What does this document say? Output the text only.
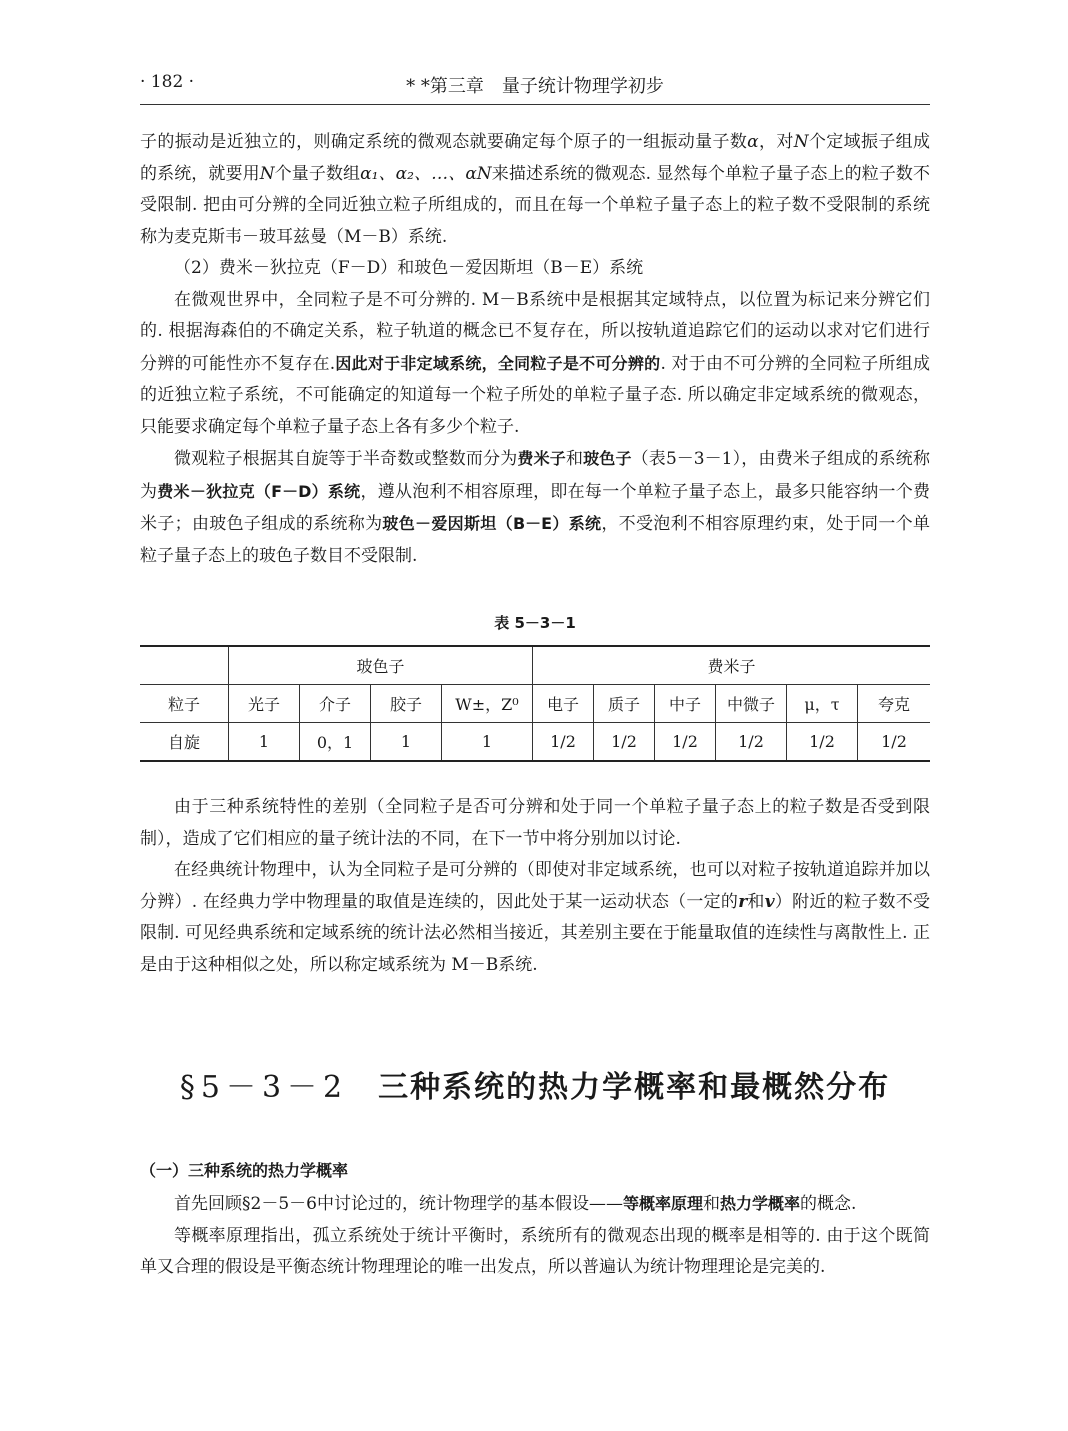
· 182 ·	* *第三章　量子统计物理学初步

子的振动是近独立的，则确定系统的微观态就要确定每个原子的一组振动量子数α，对N个定域振子组成的系统，就要用N个量子数组α₁、α₂、…、αN来描述系统的微观态. 显然每个单粒子量子态上的粒子数不受限制. 把由可分辨的全同近独立粒子所组成的，而且在每一个单粒子量子态上的粒子数不受限制的系统称为麦克斯韦－玻耳兹曼（M－B）系统.

（2）费米－狄拉克（F－D）和玻色－爱因斯坦（B－E）系统

在微观世界中，全同粒子是不可分辨的. M－B系统中是根据其定域特点，以位置为标记来分辨它们的. 根据海森伯的不确定关系，粒子轨道的概念已不复存在，所以按轨道追踪它们的运动以求对它们进行分辨的可能性亦不复存在.因此对于非定域系统，全同粒子是不可分辨的. 对于由不可分辨的全同粒子所组成的近独立粒子系统，不可能确定的知道每一个粒子所处的单粒子量子态. 所以确定非定域系统的微观态，只能要求确定每个单粒子量子态上各有多少个粒子.

微观粒子根据其自旋等于半奇数或整数而分为费米子和玻色子（表5－3－1），由费米子组成的系统称为费米－狄拉克（F－D）系统，遵从泡利不相容原理，即在每一个单粒子量子态上，最多只能容纳一个费米子；由玻色子组成的系统称为玻色－爱因斯坦（B－E）系统，不受泡利不相容原理约束，处于同一个单粒子量子态上的玻色子数目不受限制.

表 5－3－1
	玻色子				费米子					
粒子	光子	介子	胶子	W±，Z⁰	电子	质子	中子	中微子	μ，τ	夸克
自旋	1	0，1	1	1	1/2	1/2	1/2	1/2	1/2	1/2

由于三种系统特性的差别（全同粒子是否可分辨和处于同一个单粒子量子态上的粒子数是否受到限制），造成了它们相应的量子统计法的不同，在下一节中将分别加以讨论.

在经典统计物理中，认为全同粒子是可分辨的（即使对非定域系统，也可以对粒子按轨道追踪并加以分辨）. 在经典力学中物理量的取值是连续的，因此处于某一运动状态（一定的r和v）附近的粒子数不受限制. 可见经典系统和定域系统的统计法必然相当接近，其差别主要在于能量取值的连续性与离散性上. 正是由于这种相似之处，所以称定域系统为 M－B系统.

§5－3－2 三种系统的热力学概率和最概然分布
（一）三种系统的热力学概率

首先回顾§2－5－6中讨论过的，统计物理学的基本假设——等概率原理和热力学概率的概念.

等概率原理指出，孤立系统处于统计平衡时，系统所有的微观态出现的概率是相等的. 由于这个既简单又合理的假设是平衡态统计物理理论的唯一出发点，所以普遍认为统计物理理论是完美的.
